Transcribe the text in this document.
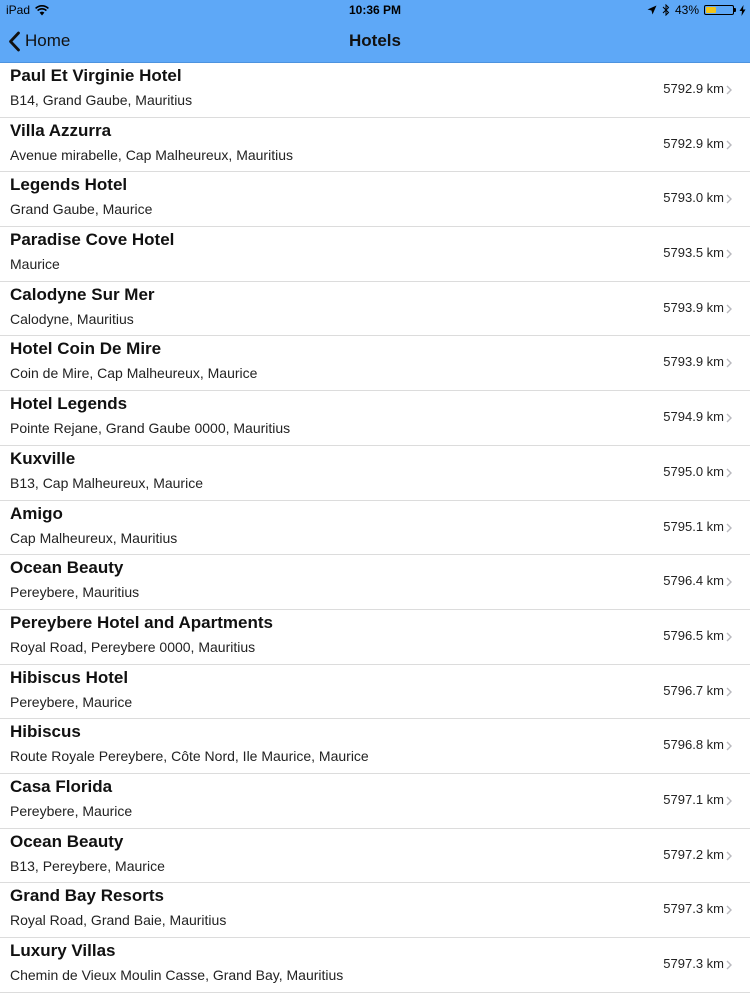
iPad	10:36 PM	43%
Home	Hotels
Paul Et Virginie Hotel
B14, Grand Gaube, Mauritius
5792.9 km
Villa Azzurra
Avenue mirabelle, Cap Malheureux, Mauritius
5792.9 km
Legends Hotel
Grand Gaube, Maurice
5793.0 km
Paradise Cove Hotel
Maurice
5793.5 km
Calodyne Sur Mer
Calodyne, Mauritius
5793.9 km
Hotel Coin De Mire
Coin de Mire, Cap Malheureux, Maurice
5793.9 km
Hotel Legends
Pointe Rejane, Grand Gaube 0000, Mauritius
5794.9 km
Kuxville
B13, Cap Malheureux, Maurice
5795.0 km
Amigo
Cap Malheureux, Mauritius
5795.1 km
Ocean Beauty
Pereybere, Mauritius
5796.4 km
Pereybere Hotel and Apartments
Royal Road, Pereybere 0000, Mauritius
5796.5 km
Hibiscus Hotel
Pereybere, Maurice
5796.7 km
Hibiscus
Route Royale Pereybere, Côte Nord, Ile Maurice, Maurice
5796.8 km
Casa Florida
Pereybere, Maurice
5797.1 km
Ocean Beauty
B13, Pereybere, Maurice
5797.2 km
Grand Bay Resorts
Royal Road, Grand Baie, Mauritius
5797.3 km
Luxury Villas
Chemin de Vieux Moulin Casse, Grand Bay, Mauritius
5797.3 km
